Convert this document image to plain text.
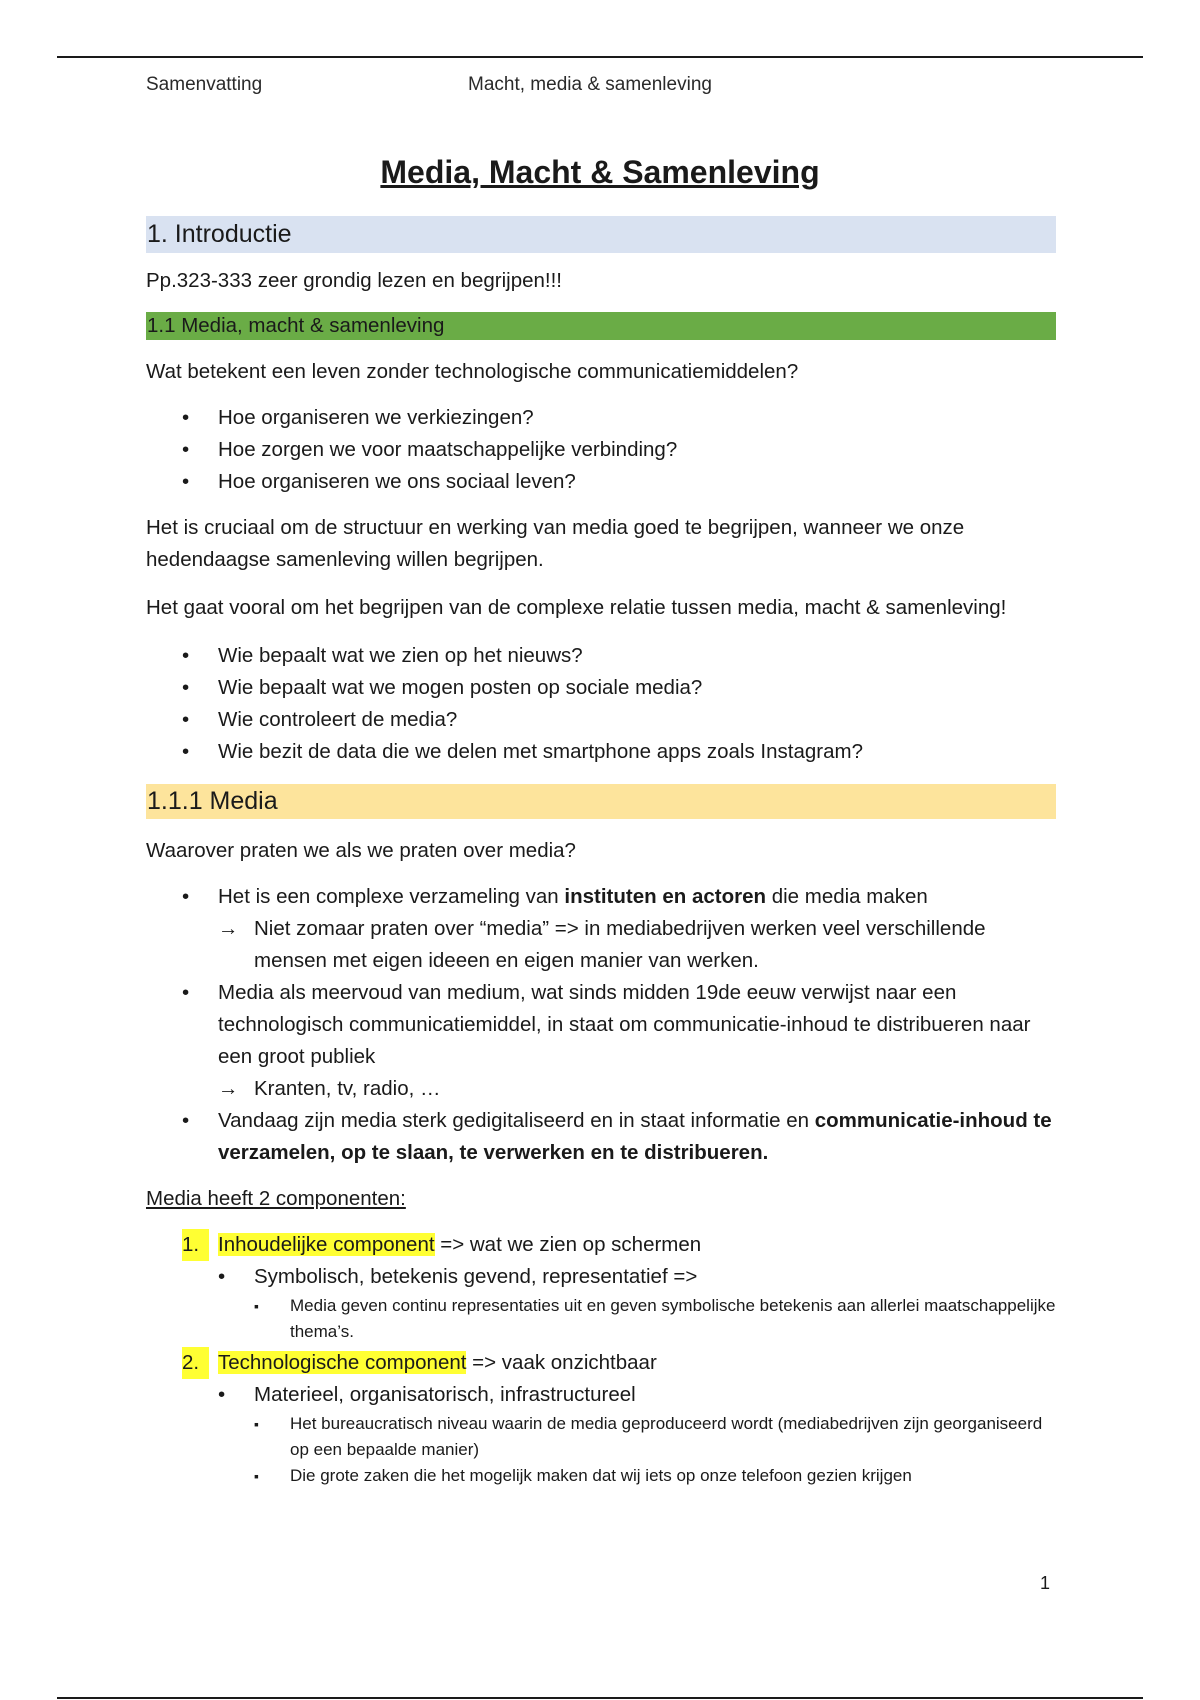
Samenvatting	Macht, media & samenleving
Media, Macht & Samenleving
1. Introductie

Pp.323-333 zeer grondig lezen en begrijpen!!!

1.1 Media, macht & samenleving

Wat betekent een leven zonder technologische communicatiemiddelen?

• Hoe organiseren we verkiezingen?
• Hoe zorgen we voor maatschappelijke verbinding?
• Hoe organiseren we ons sociaal leven?

Het is cruciaal om de structuur en werking van media goed te begrijpen, wanneer we onze hedendaagse samenleving willen begrijpen.

Het gaat vooral om het begrijpen van de complexe relatie tussen media, macht & samenleving!

• Wie bepaalt wat we zien op het nieuws?
• Wie bepaalt wat we mogen posten op sociale media?
• Wie controleert de media?
• Wie bezit de data die we delen met smartphone apps zoals Instagram?
1.1.1 Media

Waarover praten we als we praten over media?

• Het is een complexe verzameling van instituten en actoren die media maken
→ Niet zomaar praten over “media” => in mediabedrijven werken veel verschillende mensen met eigen ideeen en eigen manier van werken.
• Media als meervoud van medium, wat sinds midden 19de eeuw verwijst naar een technologisch communicatiemiddel, in staat om communicatie-inhoud te distribueren naar een groot publiek
→ Kranten, tv, radio, …
• Vandaag zijn media sterk gedigitaliseerd en in staat informatie en communicatie-inhoud te verzamelen, op te slaan, te verwerken en te distribueren.

Media heeft 2 componenten:

1. Inhoudelijke component => wat we zien op schermen
• Symbolisch, betekenis gevend, representatief =>
▪ Media geven continu representaties uit en geven symbolische betekenis aan allerlei maatschappelijke thema’s.
2. Technologische component => vaak onzichtbaar
• Materieel, organisatorisch, infrastructureel
▪ Het bureaucratisch niveau waarin de media geproduceerd wordt (mediabedrijven zijn georganiseerd op een bepaalde manier)
▪ Die grote zaken die het mogelijk maken dat wij iets op onze telefoon gezien krijgen
1
